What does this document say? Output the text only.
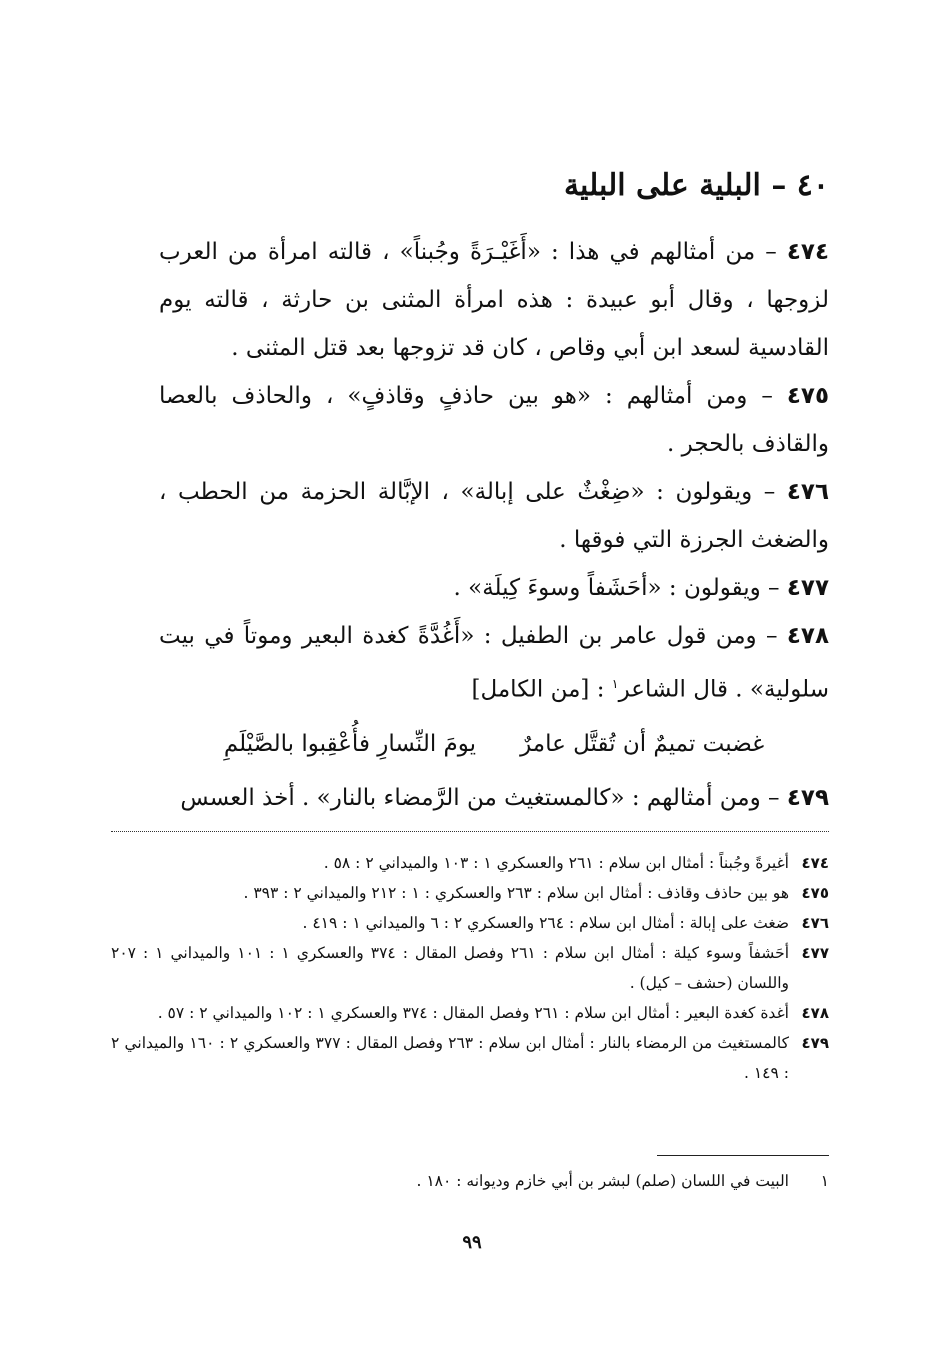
٤٠ – البلية على البلية

٤٧٤ – من أمثالهم في هذا : «أَغَيْـرَةً وجُبناً» ، قالته امرأة من العرب لزوجها ، وقال أبو عبيدة : هذه امرأة المثنى بن حارثة ، قالته يوم القادسية لسعد ابن أبي وقاص ، كان قد تزوجها بعد قتل المثنى .

٤٧٥ – ومن أمثالهم : «هو بين حاذفٍ وقاذفٍ» ، والحاذف بالعصا والقاذف بالحجر .

٤٧٦ – ويقولون : «ضِغْثٌ على إبالة» ، الإبَّالة الحزمة من الحطب ، والضغث الجرزة التي فوقها .

٤٧٧ – ويقولون : «أحَشَفاً وسوءَ كِيلَة» .

٤٧٨ – ومن قول عامر بن الطفيل : «أَغُدَّةً كغدة البعير وموتاً في بيت سلولية» . قال الشاعر$^١$ : [من الكامل]

غضبت تميمٌ أن تُقتَّل عامرٌيومَ النِّسارِ فأُعْقِبوا بالصَّيْلَمِ

٤٧٩ – ومن أمثالهم : «كالمستغيث من الرَّمضاء بالنار» . أخذ العسس

٤٧٤
أغيرةً وجُبناً : أمثال ابن سلام : ٢٦١ والعسكري ١ : ١٠٣ والميداني ٢ : ٥٨ .
٤٧٥
هو بين حاذف وقاذف : أمثال ابن سلام : ٢٦٣ والعسكري : ١ : ٢١٢ والميداني ٢ : ٣٩٣ .
٤٧٦
ضغث على إبالة : أمثال ابن سلام : ٢٦٤ والعسكري ٢ : ٦ والميداني ١ : ٤١٩ .
٤٧٧
أحَشفاً وسوء كيلة : أمثال ابن سلام : ٢٦١ وفصل المقال : ٣٧٤ والعسكري ١ : ١٠١ والميداني ١ : ٢٠٧ واللسان (حشف – كيل) .
٤٧٨
أغدة كغدة البعير : أمثال ابن سلام : ٢٦١ وفصل المقال : ٣٧٤ والعسكري ١ : ١٠٢ والميداني ٢ : ٥٧ .
٤٧٩
كالمستغيث من الرمضاء بالنار : أمثال ابن سلام : ٢٦٣ وفصل المقال : ٣٧٧ والعسكري ٢ : ١٦٠ والميداني ٢ : ١٤٩ .
١
البيت في اللسان (صلم) لبشر بن أبي خازم وديوانه : ١٨٠ .
٩٩
